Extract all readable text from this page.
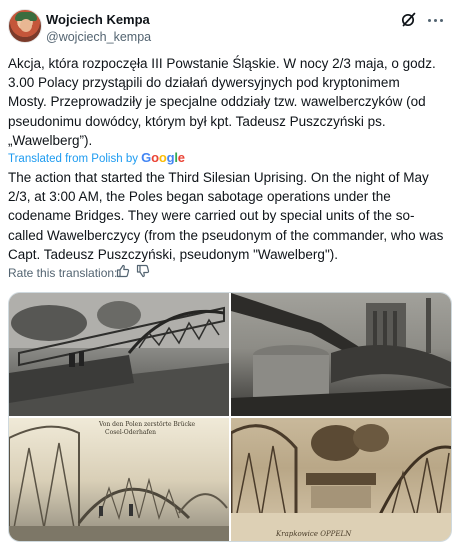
Wojciech Kempa
@wojciech_kempa
Akcja, która rozpoczęła III Powstanie Śląskie. W nocy 2/3 maja, o godz.
3.00 Polacy przystąpili do działań dywersyjnych pod kryptonimem
Mosty. Przeprowadziły je specjalne oddziały tzw. wawelberczyków (od
pseudonimu dowódcy, którym był kpt. Tadeusz Puszczyński ps.
„Wawelberg”).
Translated from Polish by Google
The action that started the Third Silesian Uprising. On the night of May
2/3, at 3:00 AM, the Poles began sabotage operations under the
codename Bridges. They were carried out by special units of the so-
called Wawelberczycy (from the pseudonym of the commander, who was
Capt. Tadeusz Puszczyński, pseudonym "Wawelberg").
Rate this translation:
Von den Polen zerstörte Brücke
Cosel-Oderhafen
Krapkowice OPPELN
